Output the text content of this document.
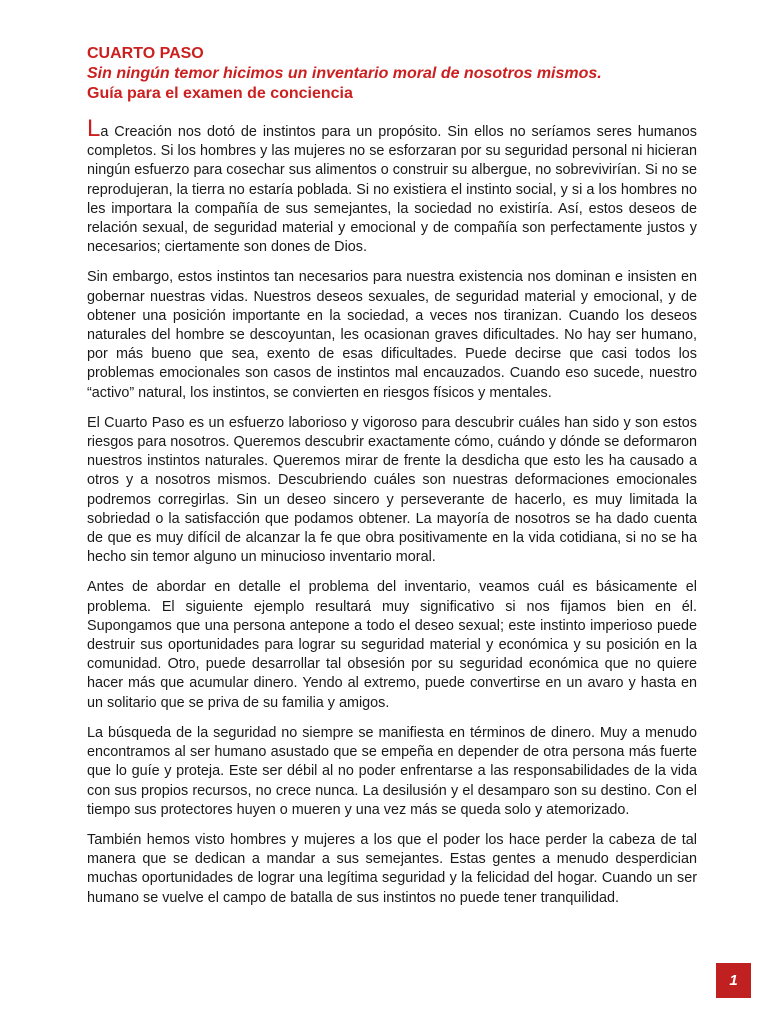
CUARTO PASO
Sin ningún temor hicimos un inventario moral de nosotros mismos.
Guía para el examen de conciencia

La Creación nos dotó de instintos para un propósito. Sin ellos no seríamos seres humanos completos. Si los hombres y las mujeres no se esforzaran por su seguridad personal ni hicieran ningún esfuerzo para cosechar sus alimentos o construir su albergue, no sobrevivirían. Si no se reprodujeran, la tierra no estaría poblada. Si no existiera el instinto social, y si a los hombres no les importara la compañía de sus semejantes, la sociedad no existiría. Así, estos deseos de relación sexual, de seguridad material y emocional y de compañía son perfectamente justos y necesarios; ciertamente son dones de Dios.

Sin embargo, estos instintos tan necesarios para nuestra existencia nos dominan e insisten en gobernar nuestras vidas. Nuestros deseos sexuales, de seguridad material y emocional, y de obtener una posición importante en la sociedad, a veces nos tiranizan. Cuando los deseos naturales del hombre se descoyuntan, les ocasionan graves dificultades. No hay ser humano, por más bueno que sea, exento de esas dificultades. Puede decirse que casi todos los problemas emocionales son casos de instintos mal encauzados. Cuando eso sucede, nuestro “activo” natural, los instintos, se convierten en riesgos físicos y mentales.

El Cuarto Paso es un esfuerzo laborioso y vigoroso para descubrir cuáles han sido y son estos riesgos para nosotros. Queremos descubrir exactamente cómo, cuándo y dónde se deformaron nuestros instintos naturales. Queremos mirar de frente la desdicha que esto les ha causado a otros y a nosotros mismos. Descubriendo cuáles son nuestras deformaciones emocionales podremos corregirlas. Sin un deseo sincero y perseverante de hacerlo, es muy limitada la sobriedad o la satisfacción que podamos obtener. La mayoría de nosotros se ha dado cuenta de que es muy difícil de alcanzar la fe que obra positivamente en la vida cotidiana, si no se ha hecho sin temor alguno un minucioso inventario moral.

Antes de abordar en detalle el problema del inventario, veamos cuál es básicamente el problema. El siguiente ejemplo resultará muy significativo si nos fijamos bien en él. Supongamos que una persona antepone a todo el deseo sexual; este instinto imperioso puede destruir sus oportunidades para lograr su seguridad material y económica y su posición en la comunidad. Otro, puede desarrollar tal obsesión por su seguridad económica que no quiere hacer más que acumular dinero. Yendo al extremo, puede convertirse en un avaro y hasta en un solitario que se priva de su familia y amigos.

La búsqueda de la seguridad no siempre se manifiesta en términos de dinero. Muy a menudo encontramos al ser humano asustado que se empeña en depender de otra persona más fuerte que lo guíe y proteja. Este ser débil al no poder enfrentarse a las responsabilidades de la vida con sus propios recursos, no crece nunca. La desilusión y el desamparo son su destino. Con el tiempo sus protectores huyen o mueren y una vez más se queda solo y atemorizado.

También hemos visto hombres y mujeres a los que el poder los hace perder la cabeza de tal manera que se dedican a mandar a sus semejantes. Estas gentes a menudo desperdician muchas oportunidades de lograr una legítima seguridad y la felicidad del hogar. Cuando un ser humano se vuelve el campo de batalla de sus instintos no puede tener tranquilidad.

1
